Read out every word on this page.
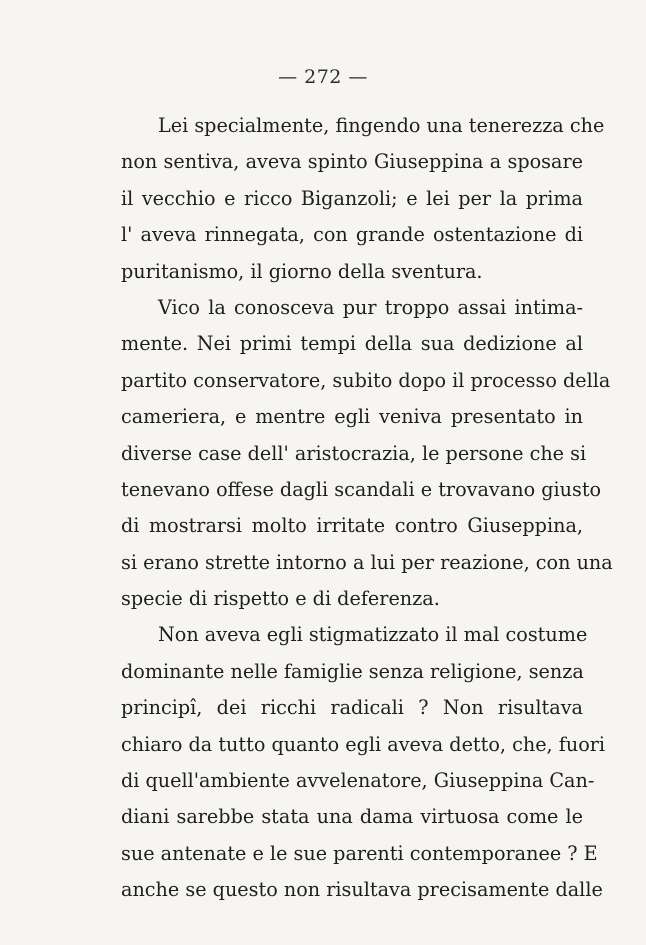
— 272 —
Lei specialmente, fingendo una tenerezza che
non sentiva, aveva spinto Giuseppina a sposare
il vecchio e ricco Biganzoli; e lei per la prima
l' aveva rinnegata, con grande ostentazione di
puritanismo, il giorno della sventura.
Vico la conosceva pur troppo assai intima-
mente. Nei primi tempi della sua dedizione al
partito conservatore, subito dopo il processo della
cameriera, e mentre egli veniva presentato in
diverse case dell' aristocrazia, le persone che si
tenevano offese dagli scandali e trovavano giusto
di mostrarsi molto irritate contro Giuseppina,
si erano strette intorno a lui per reazione, con una
specie di rispetto e di deferenza.
Non aveva egli stigmatizzato il mal costume
dominante nelle famiglie senza religione, senza
principî, dei ricchi radicali ? Non risultava
chiaro da tutto quanto egli aveva detto, che, fuori
di quell'ambiente avvelenatore, Giuseppina Can-
diani sarebbe stata una dama virtuosa come le
sue antenate e le sue parenti contemporanee ? E
anche se questo non risultava precisamente dalle
